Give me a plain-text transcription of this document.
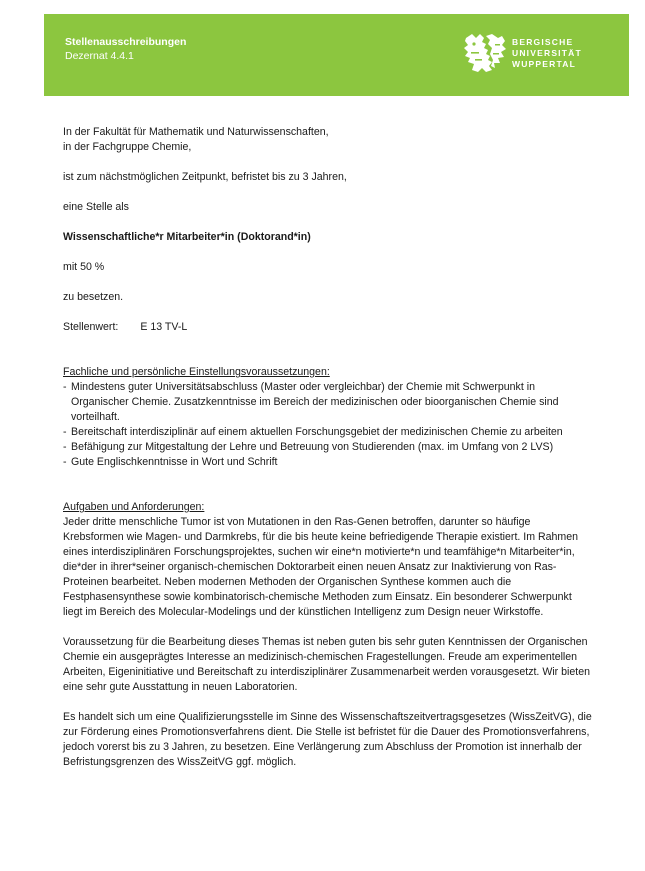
Stellenausschreibungen
Dezernat 4.4.1
BERGISCHE
UNIVERSITÄT
WUPPERTAL

In der Fakultät für Mathematik und Naturwissenschaften,

in der Fachgruppe Chemie,

ist zum nächstmöglichen Zeitpunkt, befristet bis zu 3 Jahren,

eine Stelle als

Wissenschaftliche*r Mitarbeiter*in (Doktorand*in)

mit 50 %

zu besetzen.

Stellenwert: E 13 TV-L

Fachliche und persönliche Einstellungsvoraussetzungen:

- Mindestens guter Universitätsabschluss (Master oder vergleichbar) der Chemie mit Schwerpunkt in Organischer Chemie. Zusatzkenntnisse im Bereich der medizinischen oder bioorganischen Chemie sind vorteilhaft.
- Bereitschaft interdisziplinär auf einem aktuellen Forschungsgebiet der medizinischen Chemie zu arbeiten
- Befähigung zur Mitgestaltung der Lehre und Betreuung von Studierenden (max. im Umfang von 2 LVS)
- Gute Englischkenntnisse in Wort und Schrift

Aufgaben und Anforderungen:

Jeder dritte menschliche Tumor ist von Mutationen in den Ras-Genen betroffen, darunter so häufige Krebsformen wie Magen- und Darmkrebs, für die bis heute keine befriedigende Therapie existiert. Im Rahmen eines interdisziplinären Forschungsprojektes, suchen wir eine*n motivierte*n und teamfähige*n Mitarbeiter*in, die*der in ihrer*seiner organisch-chemischen Doktorarbeit einen neuen Ansatz zur Inaktivierung von Ras-Proteinen bearbeitet. Neben modernen Methoden der Organischen Synthese kommen auch die Festphasensynthese sowie kombinatorisch-chemische Methoden zum Einsatz. Ein besonderer Schwerpunkt liegt im Bereich des Molecular-Modelings und der künstlichen Intelligenz zum Design neuer Wirkstoffe.

Voraussetzung für die Bearbeitung dieses Themas ist neben guten bis sehr guten Kenntnissen der Organischen Chemie ein ausgeprägtes Interesse an medizinisch-chemischen Fragestellungen. Freude am experimentellen Arbeiten, Eigeninitiative und Bereitschaft zu interdisziplinärer Zusammenarbeit werden vorausgesetzt. Wir bieten eine sehr gute Ausstattung in neuen Laboratorien.

Es handelt sich um eine Qualifizierungsstelle im Sinne des Wissenschaftszeitvertragsgesetzes (WissZeitVG), die zur Förderung eines Promotionsverfahrens dient. Die Stelle ist befristet für die Dauer des Promotionsverfahrens, jedoch vorerst bis zu 3 Jahren, zu besetzen. Eine Verlängerung zum Abschluss der Promotion ist innerhalb der Befristungsgrenzen des WissZeitVG ggf. möglich.
